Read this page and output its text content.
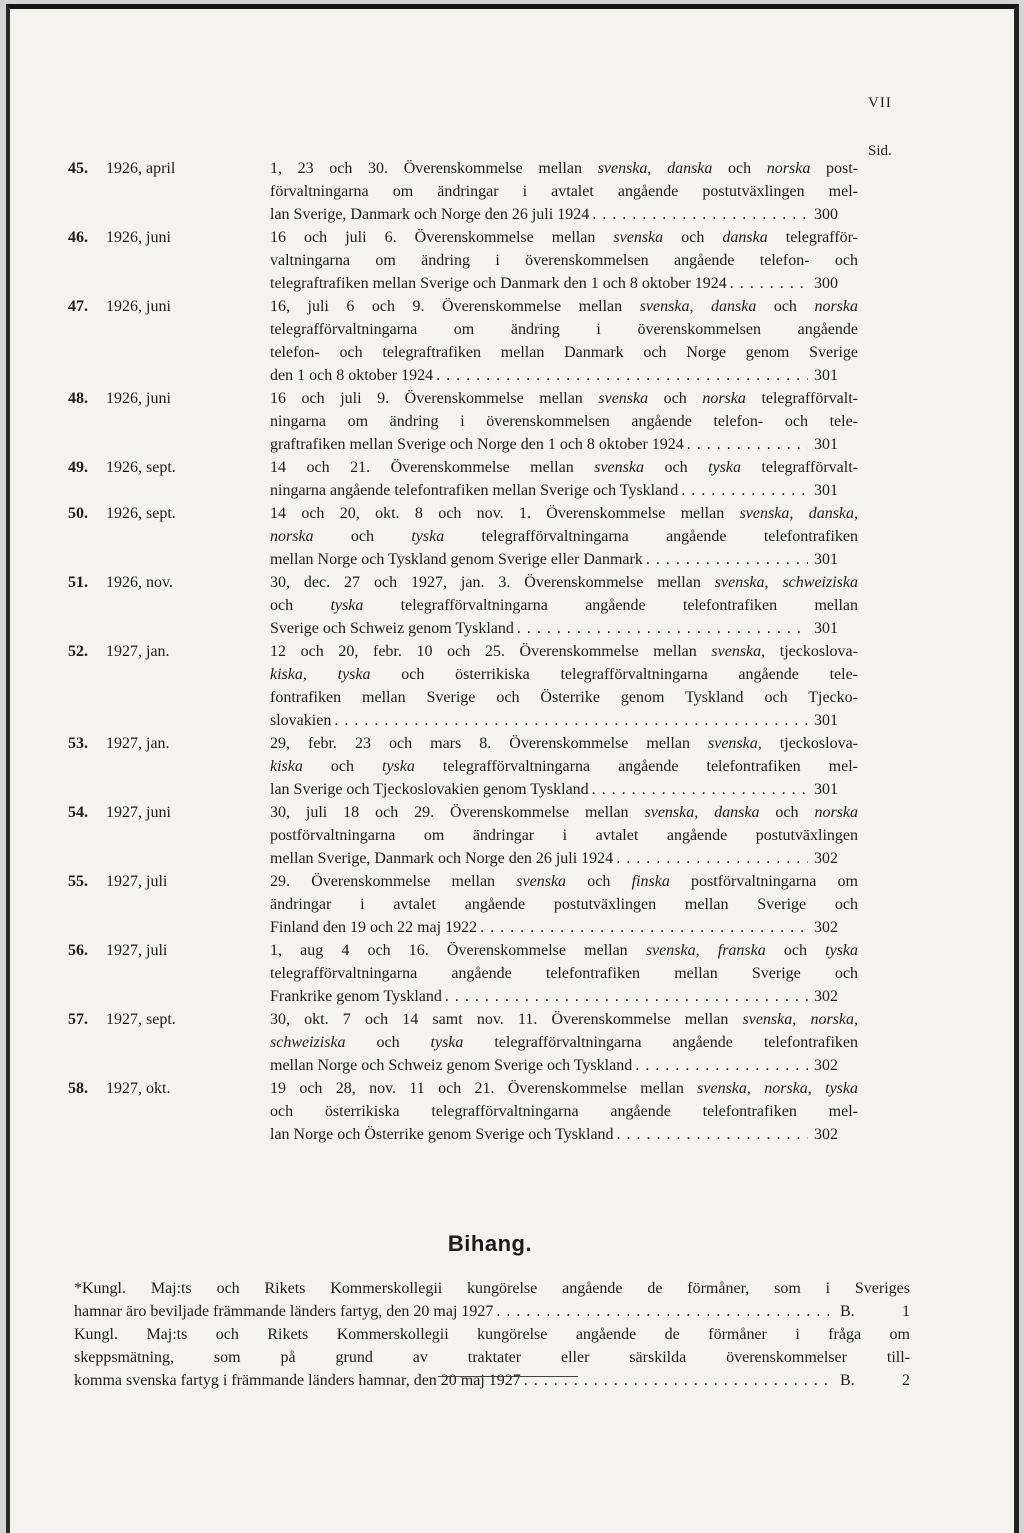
VII
Sid.
45. 1926, april	1, 23 och 30. Överenskommelse mellan svenska, danska och norska post-
förvaltningarna om ändringar i avtalet angående postutväxlingen mel-
lan Sverige, Danmark och Norge den 26 juli 1924 . . .	300
46. 1926, juni	16 och juli 6. Överenskommelse mellan svenska och danska telegrafför-
valtningarna om ändring i överenskommelsen angående telefon- och
telegraftrafiken mellan Sverige och Danmark den 1 och 8 oktober 1924 . . .	300
47. 1926, juni	16, juli 6 och 9. Överenskommelse mellan svenska, danska och norska
telegrafförvaltningarna om ändring i överenskommelsen angående
telefon- och telegraftrafiken mellan Danmark och Norge genom Sverige
den 1 och 8 oktober 1924 . . .	301
48. 1926, juni	16 och juli 9. Överenskommelse mellan svenska och norska telegrafförvalt-
ningarna om ändring i överenskommelsen angående telefon- och tele-
graftrafiken mellan Sverige och Norge den 1 och 8 oktober 1924 . . .	301
49. 1926, sept.	14 och 21. Överenskommelse mellan svenska och tyska telegrafförvalt-
ningarna angående telefontrafiken mellan Sverige och Tyskland . . .	301
50. 1926, sept.	14 och 20, okt. 8 och nov. 1. Överenskommelse mellan svenska, danska,
norska och tyska telegrafförvaltningarna angående telefontrafiken
mellan Norge och Tyskland genom Sverige eller Danmark . . .	301
51. 1926, nov.	30, dec. 27 och 1927, jan. 3. Överenskommelse mellan svenska, schweiziska
och tyska telegrafförvaltningarna angående telefontrafiken mellan
Sverige och Schweiz genom Tyskland . . .	301
52. 1927, jan.	12 och 20, febr. 10 och 25. Överenskommelse mellan svenska, tjeckoslova-
kiska, tyska och österrikiska telegrafförvaltningarna angående tele-
fontrafiken mellan Sverige och Österrike genom Tyskland och Tjecko-
slovakien . . .	301
53. 1927, jan.	29, febr. 23 och mars 8. Överenskommelse mellan svenska, tjeckoslova-
kiska och tyska telegrafförvaltningarna angående telefontrafiken mel-
lan Sverige och Tjeckoslovakien genom Tyskland . . .	301
54. 1927, juni	30, juli 18 och 29. Överenskommelse mellan svenska, danska och norska
postförvaltningarna om ändringar i avtalet angående postutväxlingen
mellan Sverige, Danmark och Norge den 26 juli 1924 . . .	302
55. 1927, juli	29. Överenskommelse mellan svenska och finska postförvaltningarna om
ändringar i avtalet angående postutväxlingen mellan Sverige och
Finland den 19 och 22 maj 1922 . . .	302
56. 1927, juli	1, aug 4 och 16. Överenskommelse mellan svenska, franska och tyska
telegrafförvaltningarna angående telefontrafiken mellan Sverige och
Frankrike genom Tyskland . . .	302
57. 1927, sept.	30, okt. 7 och 14 samt nov. 11. Överenskommelse mellan svenska, norska,
schweiziska och tyska telegrafförvaltningarna angående telefontrafiken
mellan Norge och Schweiz genom Sverige och Tyskland . . .	302
58. 1927, okt.	19 och 28, nov. 11 och 21. Överenskommelse mellan svenska, norska, tyska
och österrikiska telegrafförvaltningarna angående telefontrafiken mel-
lan Norge och Österrike genom Sverige och Tyskland . . .	302
Bihang.
*Kungl. Maj:ts och Rikets Kommerskollegii kungörelse angående de förmåner, som i Sveriges
hamnar äro beviljade främmande länders fartyg, den 20 maj 1927 . . .	B.	1
Kungl. Maj:ts och Rikets Kommerskollegii kungörelse angående de förmåner i fråga om
skeppsmätning, som på grund av traktater eller särskilda överenskommelser till-
komma svenska fartyg i främmande länders hamnar, den 20 maj 1927 . . .	B.	2
